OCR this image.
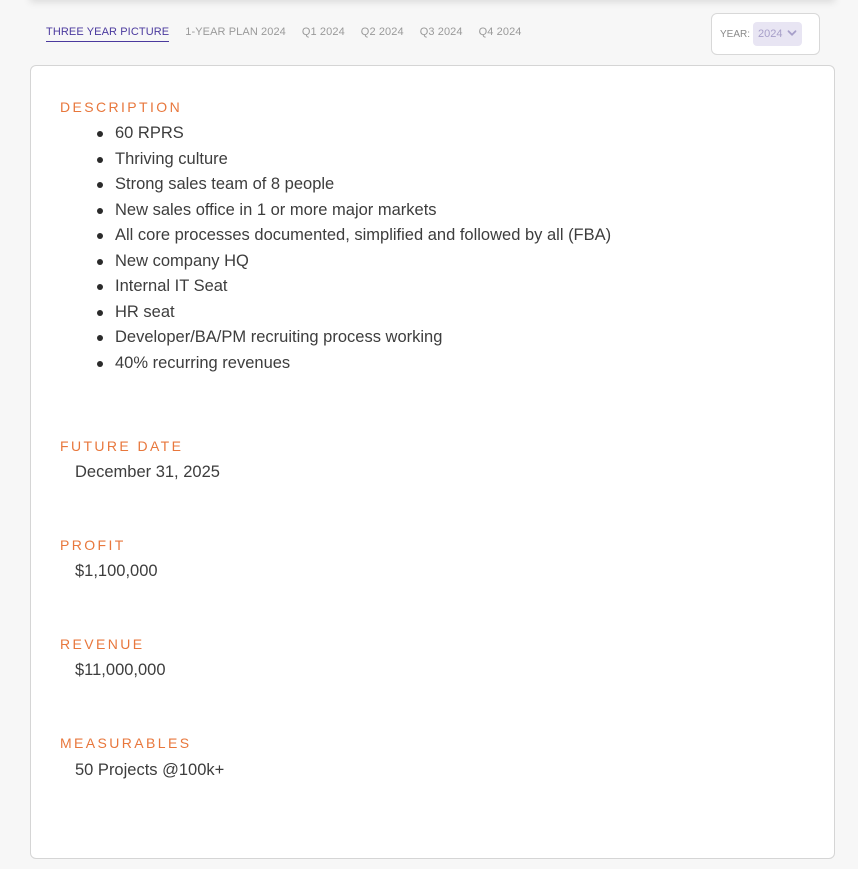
THREE YEAR PICTURE 1-YEAR PLAN 2024 Q1 2024 Q2 2024 Q3 2024 Q4 2024	YEAR: 2024
DESCRIPTION
60 RPRS
Thriving culture
Strong sales team of 8 people
New sales office in 1 or more major markets
All core processes documented, simplified and followed by all (FBA)
New company HQ
Internal IT Seat
HR seat
Developer/BA/PM recruiting process working
40% recurring revenues
FUTURE DATE
December 31, 2025
PROFIT
$1,100,000
REVENUE
$11,000,000
MEASURABLES
50 Projects @100k+
